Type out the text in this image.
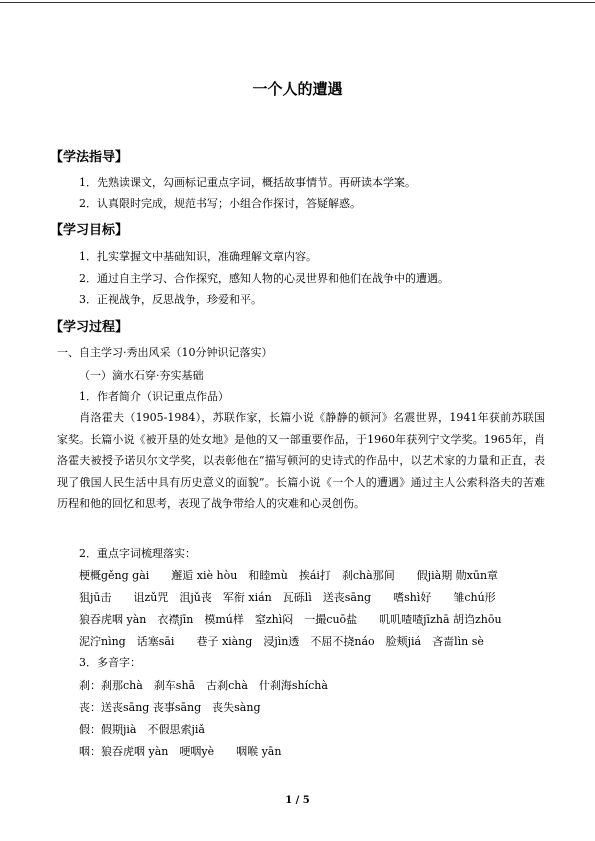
一个人的遭遇
【学法指导】
1．先熟读课文，勾画标记重点字词，概括故事情节。再研读本学案。
2．认真限时完成，规范书写；小组合作探讨，答疑解惑。
【学习目标】
1．扎实掌握文中基础知识，准确理解文章内容。
2．通过自主学习、合作探究，感知人物的心灵世界和他们在战争中的遭遇。
3．正视战争，反思战争，珍爱和平。
【学习过程】
一、自主学习·秀出风采（10分钟识记落实）
（一）滴水石穿·夯实基础
1．作者简介（识记重点作品）
肖洛霍夫（1905-1984），苏联作家，长篇小说《静静的顿河》名震世界，1941年获前苏联国家奖。长篇小说《被开垦的处女地》是他的又一部重要作品，于1960年获列宁文学奖。1965年，肖洛霍夫被授予诺贝尔文学奖，以表彰他在“描写顿河的史诗式的作品中，以艺术家的力量和正直，表现了俄国人民生活中具有历史意义的面貌”。长篇小说《一个人的遭遇》通过主人公索科洛夫的苦难历程和他的回忆和思考，表现了战争带给人的灾难和心灵创伤。
2．重点字词梳理落实：
梗概gěng gài　　邂逅 xiè hòu　和睦mù　挨ái打　刹chà那间　　假jià期 勋xūn章
狙jū击　　诅zǔ咒　沮jǔ丧　军衔 xián　瓦砾lì　送丧sāng　　嗜shì好　　雏chú形
狼吞虎咽 yàn　衣襟jīn　模mú样　窒zhì闷　一撮cuō盐　　叽叽喳喳jīzhā 胡诌zhōu
泥泞nìng　话塞sāi　　巷子 xiàng　浸jìn透　不屈不挠náo　脸颊jiá　吝啬lìn sè
3．多音字：
刹：刹那chà　刹车shā　古刹chà　什刹海shíchà
丧：送丧sāng 丧事sāng　丧失sàng
假：假期jià　不假思索jiǎ
咽：狼吞虎咽 yàn　哽咽yè　　咽喉 yān
1 / 5
